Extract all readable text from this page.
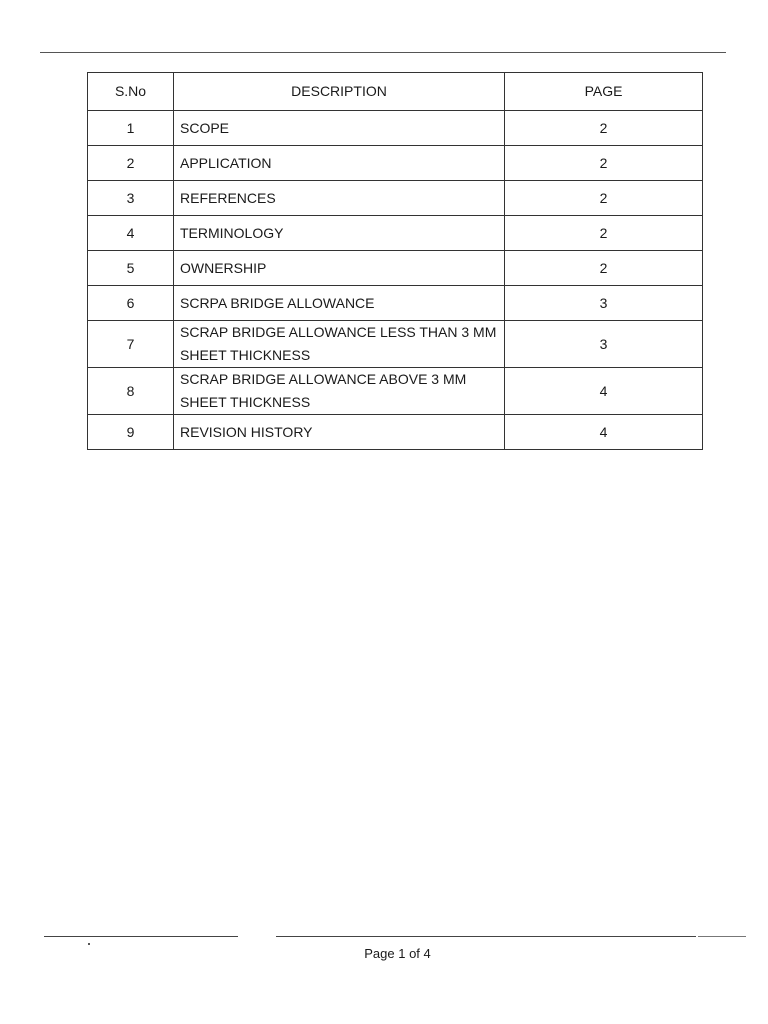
S.No	DESCRIPTION	PAGE
1	SCOPE	2
2	APPLICATION	2
3	REFERENCES	2
4	TERMINOLOGY	2
5	OWNERSHIP	2
6	SCRPA BRIDGE ALLOWANCE	3
7	SCRAP BRIDGE ALLOWANCE LESS THAN 3 MM SHEET THICKNESS	3
8	SCRAP BRIDGE ALLOWANCE ABOVE 3 MM SHEET THICKNESS	4
9	REVISION HISTORY	4
Page 1 of 4
